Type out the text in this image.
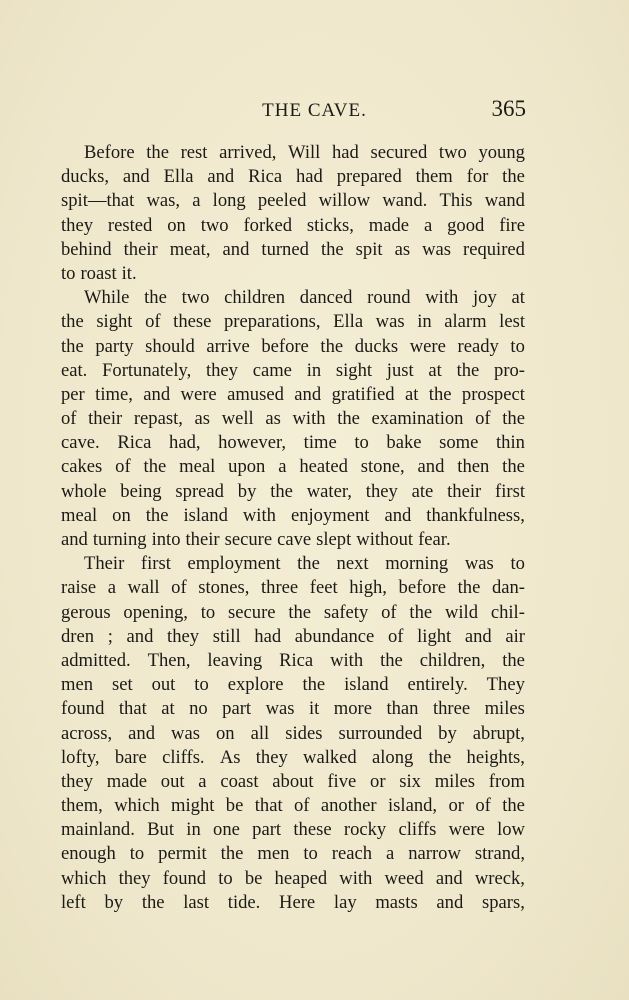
THE CAVE.	365
Before the rest arrived, Will had secured two young
ducks, and Ella and Rica had prepared them for the
spit—that was, a long peeled willow wand. This wand
they rested on two forked sticks, made a good fire
behind their meat, and turned the spit as was required
to roast it.
While the two children danced round with joy at
the sight of these preparations, Ella was in alarm lest
the party should arrive before the ducks were ready to
eat. Fortunately, they came in sight just at the pro-
per time, and were amused and gratified at the prospect
of their repast, as well as with the examination of the
cave. Rica had, however, time to bake some thin
cakes of the meal upon a heated stone, and then the
whole being spread by the water, they ate their first
meal on the island with enjoyment and thankfulness,
and turning into their secure cave slept without fear.
Their first employment the next morning was to
raise a wall of stones, three feet high, before the dan-
gerous opening, to secure the safety of the wild chil-
dren ; and they still had abundance of light and air
admitted. Then, leaving Rica with the children, the
men set out to explore the island entirely. They
found that at no part was it more than three miles
across, and was on all sides surrounded by abrupt,
lofty, bare cliffs. As they walked along the heights,
they made out a coast about five or six miles from
them, which might be that of another island, or of the
mainland. But in one part these rocky cliffs were low
enough to permit the men to reach a narrow strand,
which they found to be heaped with weed and wreck,
left by the last tide. Here lay masts and spars,
